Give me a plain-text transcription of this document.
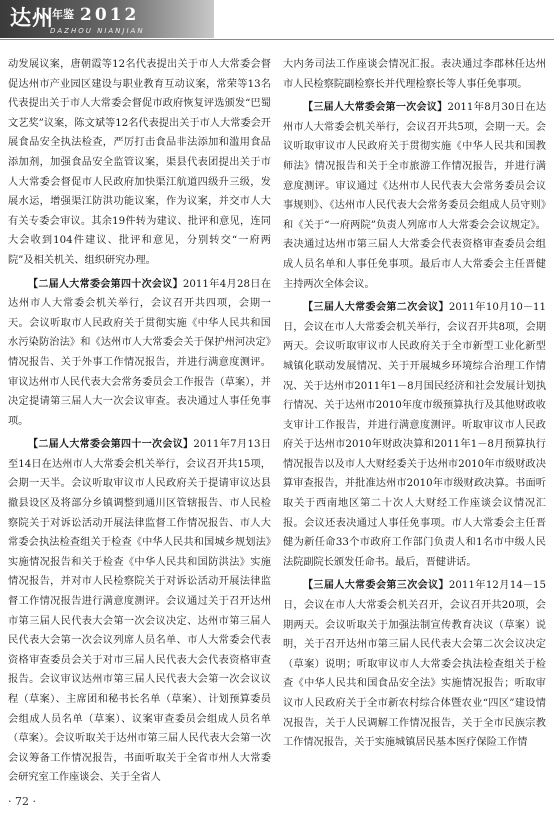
达州
年鉴 2012
DAZHOU NIANJIAN

动发展议案，唐朝霞等12名代表提出关于市人大常委会督促达州市产业园区建设与职业教育互动议案，常荣等13名代表提出关于市人大常委会督促市政府恢复评选颁发“巴蜀文艺奖”议案，陈文斌等12名代表提出关于市人大常委会开展食品安全执法检查，严厉打击食品非法添加和滥用食品添加剂，加强食品安全监管议案，渠县代表团提出关于市人大常委会督促市人民政府加快渠江航道四级升三级，发展水运，增强渠江防洪功能议案，作为议案，并交市人大有关专委会审议。其余19件转为建议、批评和意见，连同大会收到104件建议、批评和意见，分别转交“一府两院”及相关机关、组织研究办理。

【二届人大常委会第四十次会议】2011年4月28日在达州市人大常委会机关举行，会议召开共四项，会期一天。会议听取市人民政府关于贯彻实施《中华人民共和国水污染防治法》和《达州市人大常委会关于保护州河决定》情况报告、关于外事工作情况报告，并进行满意度测评。审议达州市人民代表大会常务委员会工作报告（草案），并决定提请第三届人大一次会议审查。表决通过人事任免事项。

【二届人大常委会第四十一次会议】2011年7月13日至14日在达州市人大常委会机关举行，会议召开共15项，会期一天半。会议听取审议市人民政府关于提请审议达县撤县设区及将部分乡镇调整到通川区管辖报告、市人民检察院关于对诉讼活动开展法律监督工作情况报告、市人大常委会执法检查组关于检查《中华人民共和国城乡规划法》实施情况报告和关于检查《中华人民共和国防洪法》实施情况报告，并对市人民检察院关于对诉讼活动开展法律监督工作情况报告进行满意度测评。会议通过关于召开达州市第三届人民代表大会第一次会议决定、达州市第三届人民代表大会第一次会议列席人员名单、市人大常委会代表资格审查委员会关于对市三届人民代表大会代表资格审查报告。会议审议达州市第三届人民代表大会第一次会议议程（草案）、主席团和秘书长名单（草案）、计划预算委员会组成人员名单（草案）、议案审查委员会组成人员名单（草案）。会议听取关于达州市第三届人民代表大会第一次会议筹备工作情况报告，书面听取关于全省市州人大常委会研究室工作座谈会、关于全省人

大内务司法工作座谈会情况汇报。表决通过李郡林任达州市人民检察院副检察长并代理检察长等人事任免事项。

【三届人大常委会第一次会议】2011年8月30日在达州市人大常委会机关举行，会议召开共5项，会期一天。会议听取审议市人民政府关于贯彻实施《中华人民共和国教师法》情况报告和关于全市旅游工作情况报告，并进行满意度测评。审议通过《达州市人民代表大会常务委员会议事规则》、《达州市人民代表大会常务委员会组成人员守则》和《关于“一府两院”负责人列席市人大常委会会议规定》。表决通过达州市第三届人大常委会代表资格审查委员会组成人员名单和人事任免事项。最后市人大常委会主任晋健主持两次全体会议。

【三届人大常委会第二次会议】2011年10月10－11日，会议在市人大常委会机关举行，会议召开共8项，会期两天。会议听取审议市人民政府关于全市新型工业化新型城镇化联动发展情况、关于开展城乡环境综合治理工作情况、关于达州市2011年1－8月国民经济和社会发展计划执行情况、关于达州市2010年度市级预算执行及其他财政收支审计工作报告，并进行满意度测评。听取审议市人民政府关于达州市2010年财政决算和2011年1－8月预算执行情况报告以及市人大财经委关于达州市2010年市级财政决算审查报告，并批准达州市2010年市级财政决算。书面听取关于西南地区第二十次人大财经工作座谈会议情况汇报。会议还表决通过人事任免事项。市人大常委会主任晋健为新任命33个市政府工作部门负责人和1名市中级人民法院副院长颁发任命书。最后，晋健讲话。

【三届人大常委会第三次会议】2011年12月14－15日，会议在市人大常委会机关召开，会议召开共20项，会期两天。会议听取关于加强法制宣传教育决议（草案）说明，关于召开达州市第三届人民代表大会第二次会议决定（草案）说明；听取审议市人大常委会执法检查组关于检查《中华人民共和国食品安全法》实施情况报告；听取审议市人民政府关于全市新农村综合体暨农业“四区”建设情况报告，关于人民调解工作情况报告，关于全市民族宗教工作情况报告，关于实施城镇居民基本医疗保险工作情

· 72 ·
